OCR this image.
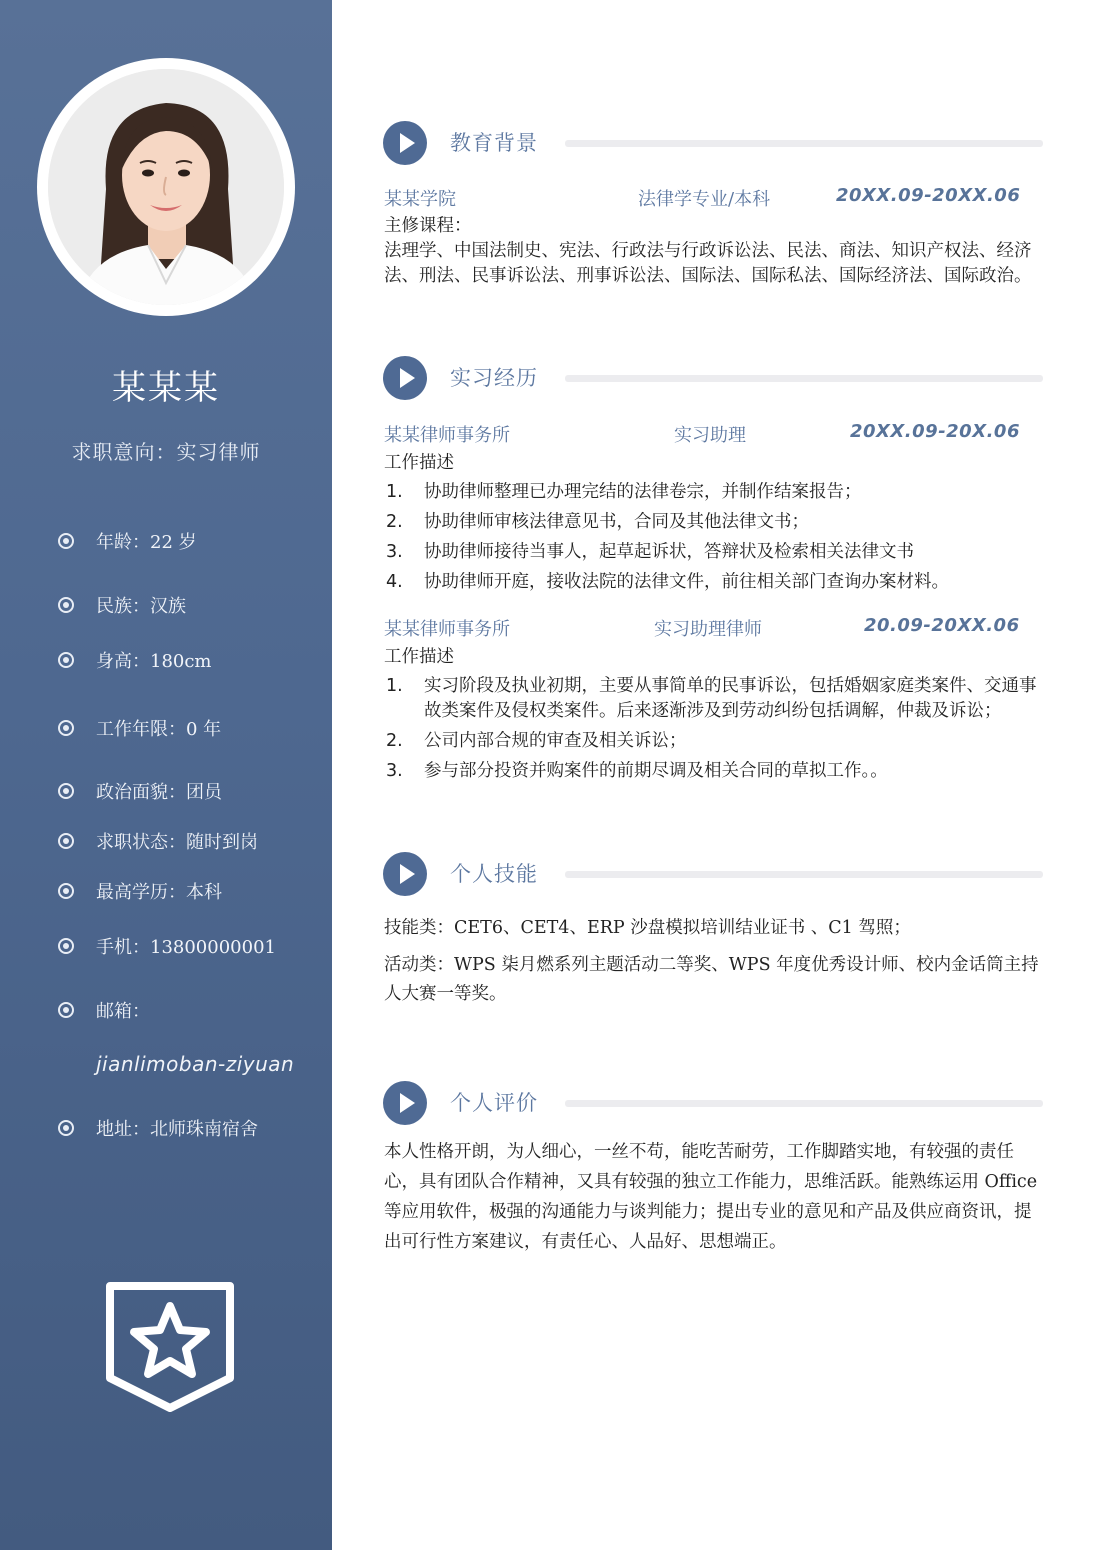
某某某
求职意向：实习律师
年龄：22 岁
民族：汉族
身高：180cm
工作年限：0 年
政治面貌：团员
求职状态：随时到岗
最高学历：本科
手机：13800000001
邮箱：
jianlimoban-ziyuan
地址：北师珠南宿舍
教育背景
某某学院	法律学专业/本科	20XX.09-20XX.06
主修课程：
法理学、中国法制史、宪法、行政法与行政诉讼法、民法、商法、知识产权法、经济法、刑法、民事诉讼法、刑事诉讼法、国际法、国际私法、国际经济法、国际政治。
实习经历
某某律师事务所	实习助理	20XX.09-20X.06
工作描述
1. 协助律师整理已办理完结的法律卷宗，并制作结案报告；
2. 协助律师审核法律意见书，合同及其他法律文书；
3. 协助律师接待当事人，起草起诉状，答辩状及检索相关法律文书
4. 协助律师开庭，接收法院的法律文件，前往相关部门查询办案材料。
某某律师事务所	实习助理律师	20.09-20XX.06
工作描述
1. 实习阶段及执业初期，主要从事简单的民事诉讼，包括婚姻家庭类案件、交通事故类案件及侵权类案件。后来逐渐涉及到劳动纠纷包括调解，仲裁及诉讼；
2. 公司内部合规的审查及相关诉讼；
3. 参与部分投资并购案件的前期尽调及相关合同的草拟工作。。
个人技能
技能类：CET6、CET4、ERP 沙盘模拟培训结业证书 、C1 驾照；
活动类：WPS 柒月燃系列主题活动二等奖、WPS 年度优秀设计师、校内金话筒主持人大赛一等奖。
个人评价
本人性格开朗，为人细心，一丝不苟，能吃苦耐劳，工作脚踏实地，有较强的责任心，具有团队合作精神，又具有较强的独立工作能力，思维活跃。能熟练运用 Office 等应用软件，极强的沟通能力与谈判能力；提出专业的意见和产品及供应商资讯，提出可行性方案建议，有责任心、人品好、思想端正。
